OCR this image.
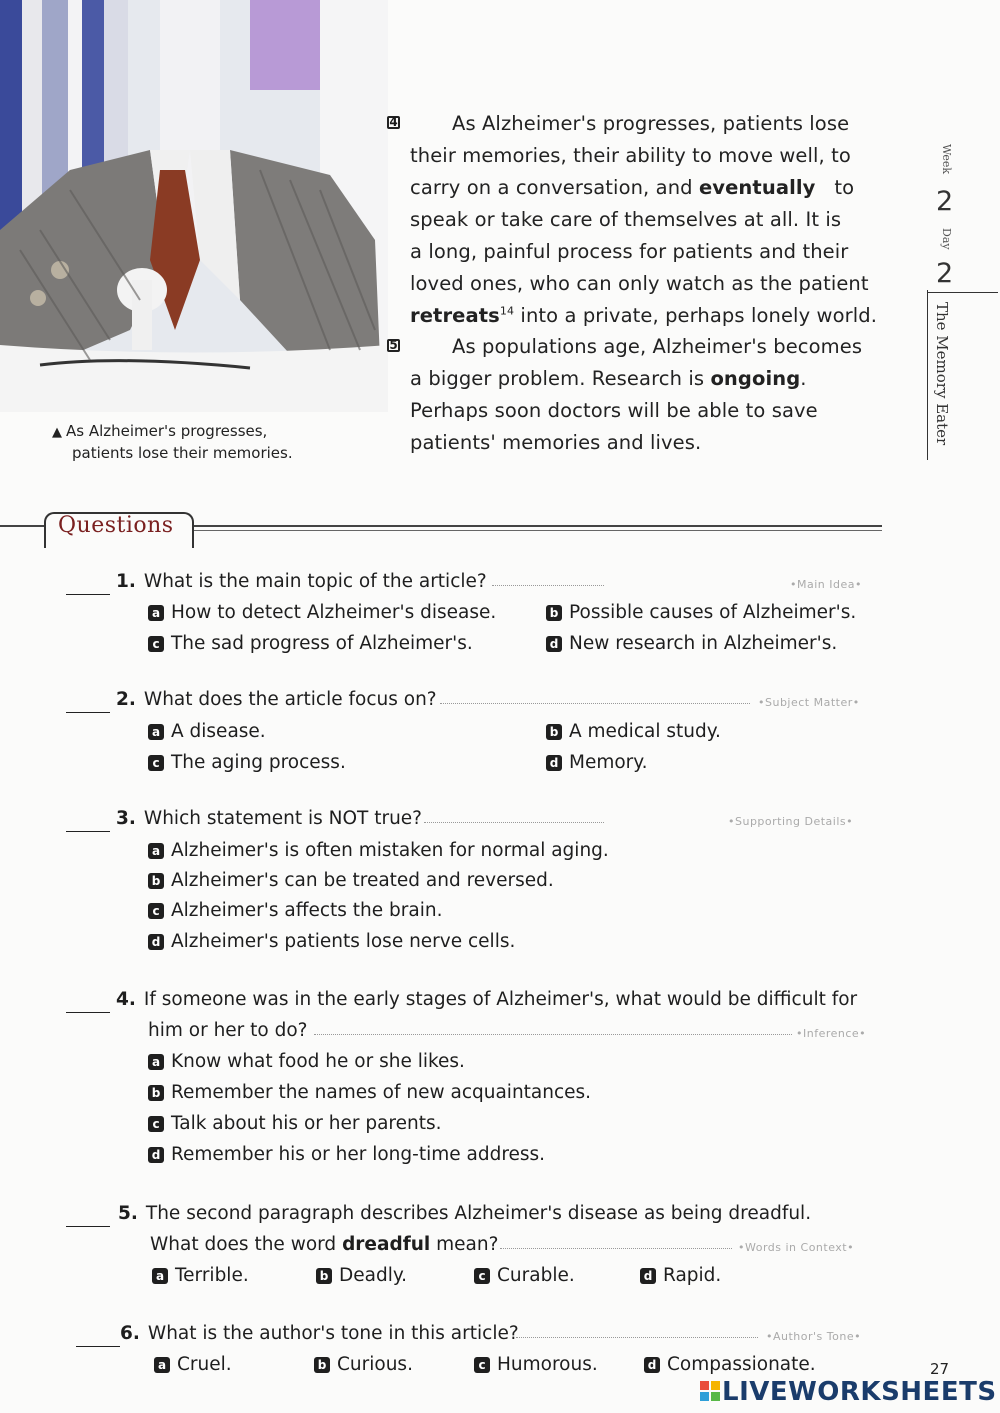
▲ As Alzheimer's progresses,
patients lose their memories.
4	As Alzheimer's progresses, patients lose
their memories, their ability to move well, to
carry on a conversation, and eventually to
speak or take care of themselves at all. It is
a long, painful process for patients and their
loved ones, who can only watch as the patient
retreats$^{14}$ into a private, perhaps lonely world.
5	As populations age, Alzheimer's becomes
a bigger problem. Research is ongoing.
Perhaps soon doctors will be able to save
patients' memories and lives.
Week
2
Day
2
The Memory Eater
Questions
1. What is the main topic of the article?	•Main Idea•
a How to detect Alzheimer's disease.	b Possible causes of Alzheimer's.
c The sad progress of Alzheimer's.	d New research in Alzheimer's.
2. What does the article focus on?	•Subject Matter•
a A disease.	b A medical study.
c The aging process.	d Memory.
3. Which statement is NOT true?	•Supporting Details•
a Alzheimer's is often mistaken for normal aging.
b Alzheimer's can be treated and reversed.
c Alzheimer's affects the brain.
d Alzheimer's patients lose nerve cells.
4. If someone was in the early stages of Alzheimer's, what would be difficult for
him or her to do?	•Inference•
a Know what food he or she likes.
b Remember the names of new acquaintances.
c Talk about his or her parents.
d Remember his or her long-time address.
5. The second paragraph describes Alzheimer's disease as being dreadful.
What does the word dreadful mean?	•Words in Context•
a Terrible.	b Deadly.	c Curable.	d Rapid.
6. What is the author's tone in this article?	•Author's Tone•
a Cruel.	b Curious.	c Humorous.	d Compassionate.	27
LIVEWORKSHEETS
